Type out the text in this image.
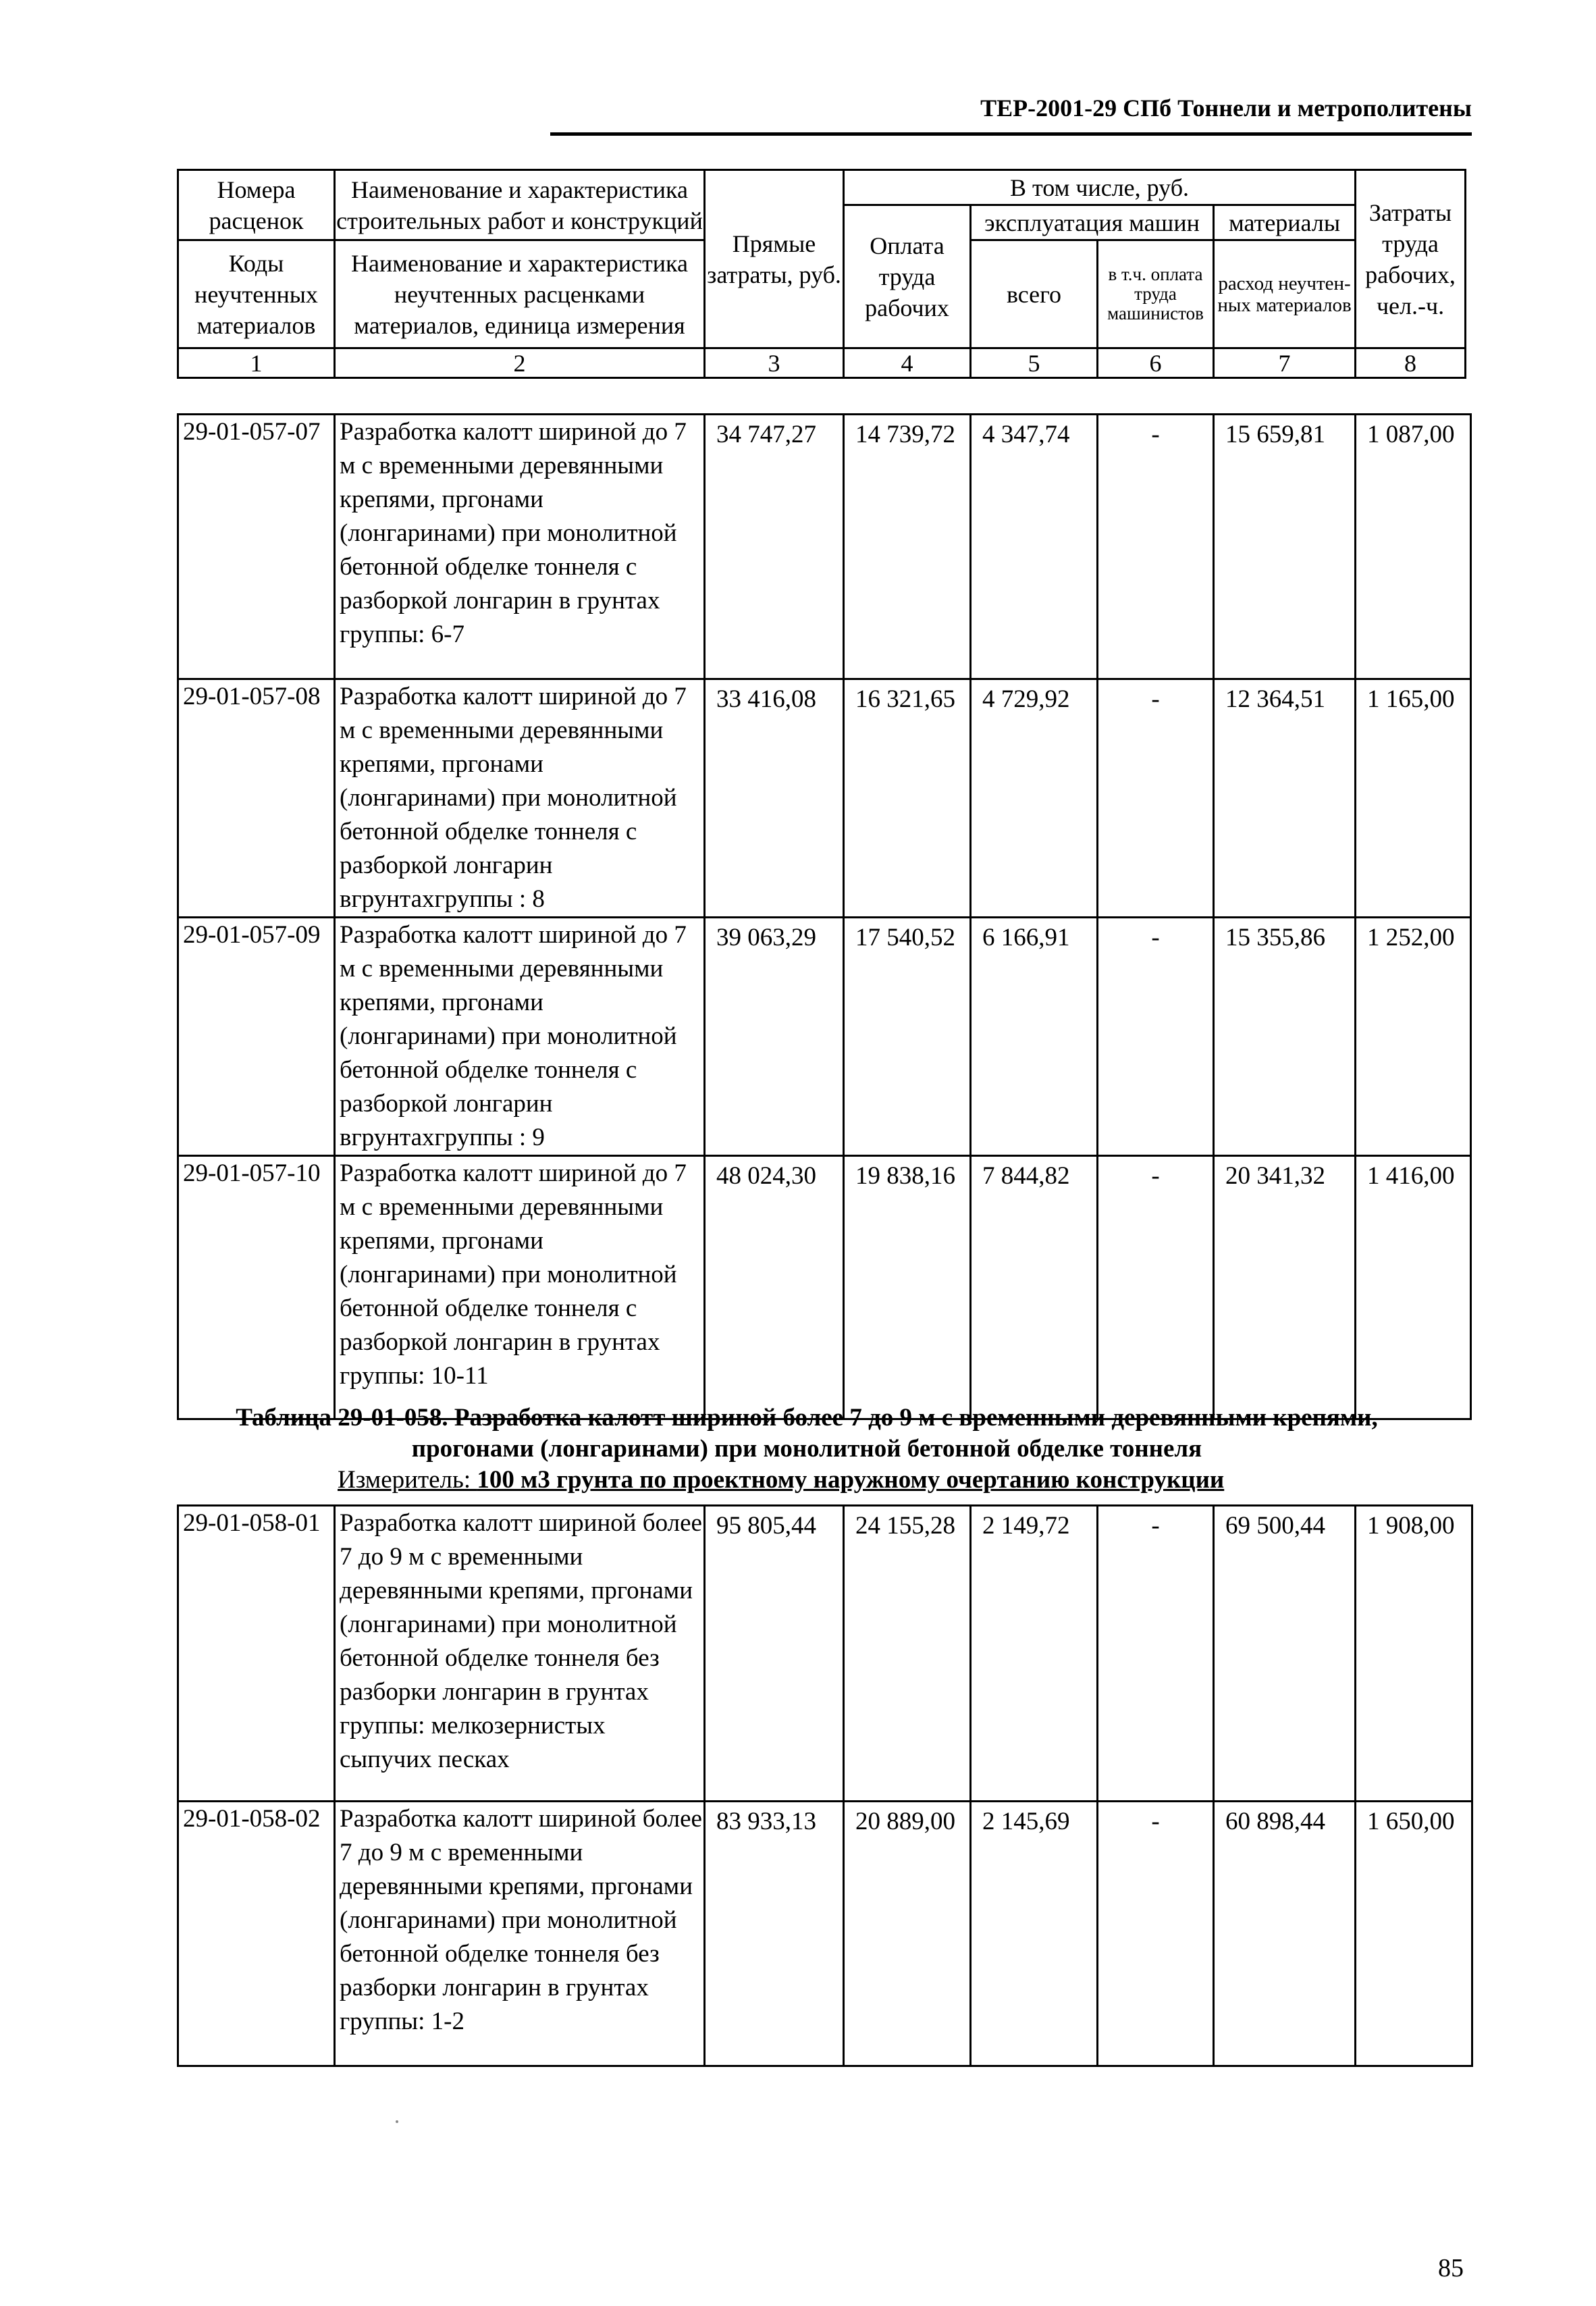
ТЕР-2001-29 СПб Тоннели и метрополитены
Номера расценок	Наименование и характеристика строительных работ и конструкций	Прямые затраты, руб.	В том числе, руб.				Затраты труда рабочих, чел.-ч.
			Оплата труда рабочих	эксплуатация машин		материалы	
Коды неучтенных материалов	Наименование и характеристика неучтенных расценками материалов, единица измерения			всего	в т.ч. оплата труда машинистов	расход неучтен-ных материалов	

1	2	3	4	5	6	7	8
29-01-057-07	Разработка калотт шириной до 7 м с временными деревянными крепями, пргонами (лонгаринами) при монолитной бетонной обделке тоннеля с разборкой лонгарин в грунтах группы: 6-7	34 747,27	14 739,72	4 347,74	-	15 659,81	1 087,00
29-01-057-08	Разработка калотт шириной до 7 м с временными деревянными крепями, пргонами (лонгаринами) при монолитной бетонной обделке тоннеля с разборкой лонгарин вгрунтахгруппы : 8	33 416,08	16 321,65	4 729,92	-	12 364,51	1 165,00
29-01-057-09	Разработка калотт шириной до 7 м с временными деревянными крепями, пргонами (лонгаринами) при монолитной бетонной обделке тоннеля с разборкой лонгарин вгрунтахгруппы : 9	39 063,29	17 540,52	6 166,91	-	15 355,86	1 252,00
29-01-057-10	Разработка калотт шириной до 7 м с временными деревянными крепями, пргонами (лонгаринами) при монолитной бетонной обделке тоннеля с разборкой лонгарин в грунтах группы: 10-11	48 024,30	19 838,16	7 844,82	-	20 341,32	1 416,00
Таблица 29-01-058. Разработка калотт шириной более 7 до 9 м с временными деревянными крепями,
прогонами (лонгаринами) при монолитной бетонной обделке тоннеля
Измеритель: 100 м3 грунта по проектному наружному очертанию конструкции
29-01-058-01	Разработка калотт шириной более 7 до 9 м с временными деревянными крепями, пргонами (лонгаринами) при монолитной бетонной обделке тоннеля без разборки лонгарин в грунтах группы: мелкозернистых сыпучих песках	95 805,44	24 155,28	2 149,72	-	69 500,44	1 908,00
29-01-058-02	Разработка калотт шириной более 7 до 9 м с временными деревянными крепями, пргонами (лонгаринами) при монолитной бетонной обделке тоннеля без разборки лонгарин в грунтах группы: 1-2	83 933,13	20 889,00	2 145,69	-	60 898,44	1 650,00
85
